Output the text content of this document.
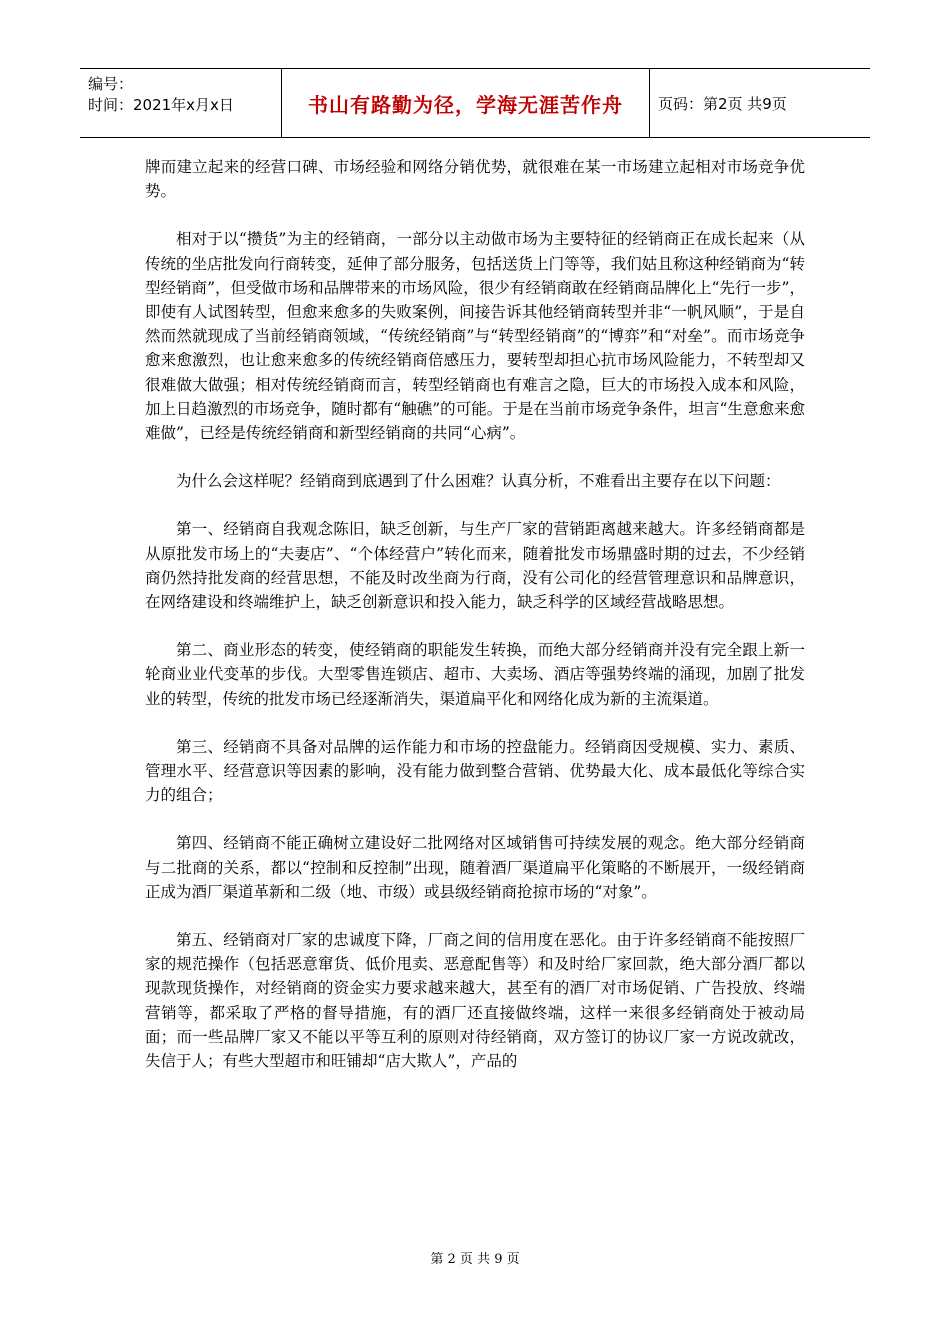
编号：
时间：2021年x月x日	书山有路勤为径，学海无涯苦作舟 页码：第2页 共9页

牌而建立起来的经营口碑、市场经验和网络分销优势，就很难在某一市场建立起相对市场竞争优势。

相对于以“攒货”为主的经销商，一部分以主动做市场为主要特征的经销商正在成长起来（从传统的坐店批发向行商转变，延伸了部分服务，包括送货上门等等，我们姑且称这种经销商为“转型经销商”，但受做市场和品牌带来的市场风险，很少有经销商敢在经销商品牌化上“先行一步”，即使有人试图转型，但愈来愈多的失败案例，间接告诉其他经销商转型并非“一帆风顺”，于是自然而然就现成了当前经销商领域，“传统经销商”与“转型经销商”的“博弈”和“对垒”。而市场竞争愈来愈激烈，也让愈来愈多的传统经销商倍感压力，要转型却担心抗市场风险能力，不转型却又很难做大做强；相对传统经销商而言，转型经销商也有难言之隐，巨大的市场投入成本和风险，加上日趋激烈的市场竞争，随时都有“触礁”的可能。于是在当前市场竞争条件，坦言“生意愈来愈难做”，已经是传统经销商和新型经销商的共同“心病”。

为什么会这样呢？经销商到底遇到了什么困难？认真分析，不难看出主要存在以下问题：

第一、经销商自我观念陈旧，缺乏创新，与生产厂家的营销距离越来越大。许多经销商都是从原批发市场上的“夫妻店”、“个体经营户”转化而来，随着批发市场鼎盛时期的过去，不少经销商仍然持批发商的经营思想，不能及时改坐商为行商，没有公司化的经营管理意识和品牌意识，在网络建设和终端维护上，缺乏创新意识和投入能力，缺乏科学的区域经营战略思想。

第二、商业形态的转变，使经销商的职能发生转换，而绝大部分经销商并没有完全跟上新一轮商业业代变革的步伐。大型零售连锁店、超市、大卖场、酒店等强势终端的涌现，加剧了批发业的转型，传统的批发市场已经逐渐消失，渠道扁平化和网络化成为新的主流渠道。

第三、经销商不具备对品牌的运作能力和市场的控盘能力。经销商因受规模、实力、素质、管理水平、经营意识等因素的影响，没有能力做到整合营销、优势最大化、成本最低化等综合实力的组合；

第四、经销商不能正确树立建设好二批网络对区域销售可持续发展的观念。绝大部分经销商与二批商的关系，都以“控制和反控制”出现，随着酒厂渠道扁平化策略的不断展开，一级经销商正成为酒厂渠道革新和二级（地、市级）或县级经销商抢掠市场的“对象”。

第五、经销商对厂家的忠诚度下降，厂商之间的信用度在恶化。由于许多经销商不能按照厂家的规范操作（包括恶意窜货、低价甩卖、恶意配售等）和及时给厂家回款，绝大部分酒厂都以现款现货操作，对经销商的资金实力要求越来越大，甚至有的酒厂对市场促销、广告投放、终端营销等，都采取了严格的督导措施，有的酒厂还直接做终端，这样一来很多经销商处于被动局面；而一些品牌厂家又不能以平等互利的原则对待经销商，双方签订的协议厂家一方说改就改，失信于人；有些大型超市和旺铺却“店大欺人”，产品的

第 2 页 共 9 页
